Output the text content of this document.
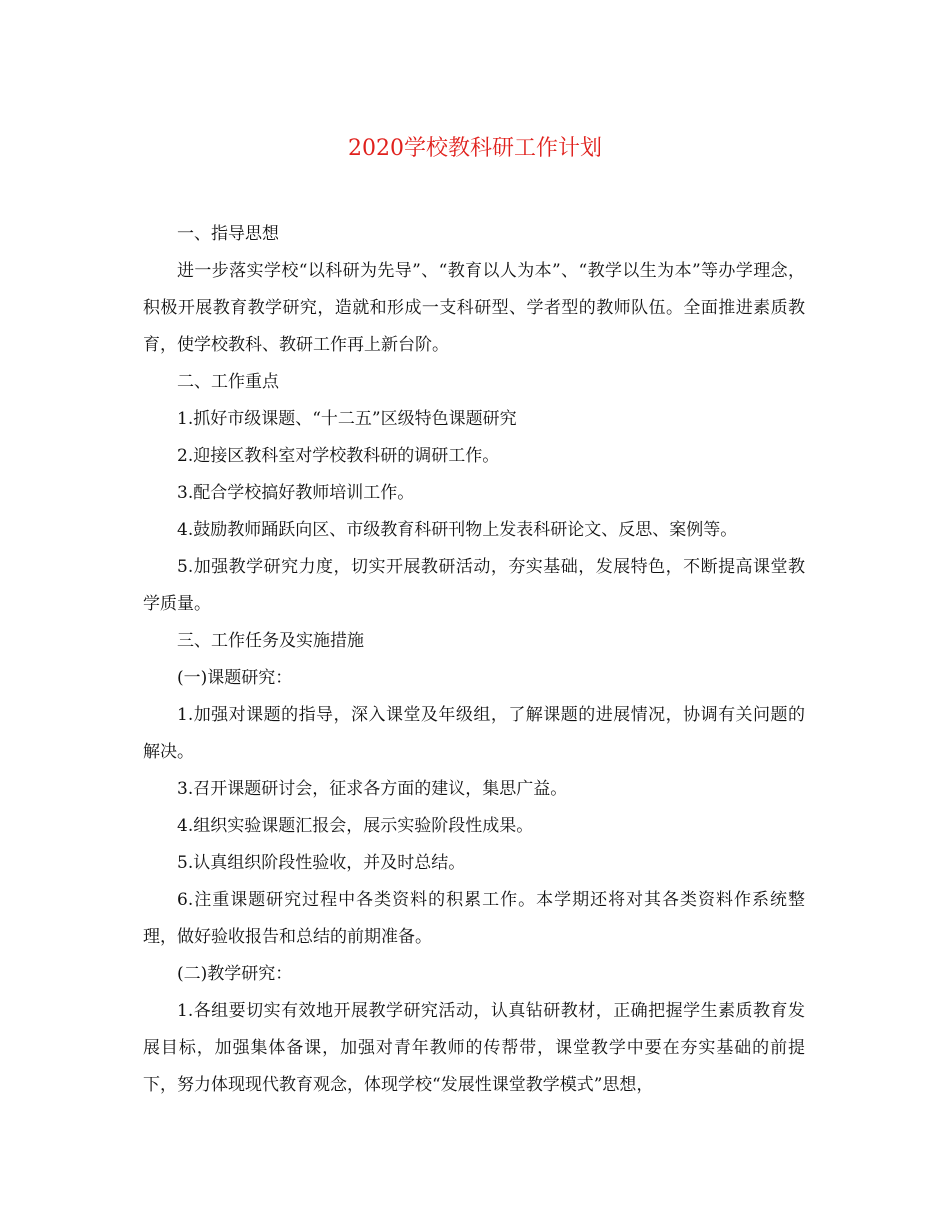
2020学校教科研工作计划

一、指导思想

进一步落实学校“以科研为先导”、“教育以人为本”、“教学以生为本”等办学理念，积极开展教育教学研究，造就和形成一支科研型、学者型的教师队伍。全面推进素质教育，使学校教科、教研工作再上新台阶。

二、工作重点

1.抓好市级课题、“十二五”区级特色课题研究

2.迎接区教科室对学校教科研的调研工作。

3.配合学校搞好教师培训工作。

4.鼓励教师踊跃向区、市级教育科研刊物上发表科研论文、反思、案例等。

5.加强教学研究力度，切实开展教研活动，夯实基础，发展特色，不断提高课堂教学质量。

三、工作任务及实施措施

(一)课题研究：

1.加强对课题的指导，深入课堂及年级组，了解课题的进展情况，协调有关问题的解决。

3.召开课题研讨会，征求各方面的建议，集思广益。

4.组织实验课题汇报会，展示实验阶段性成果。

5.认真组织阶段性验收，并及时总结。

6.注重课题研究过程中各类资料的积累工作。本学期还将对其各类资料作系统整理，做好验收报告和总结的前期准备。

(二)教学研究：

1.各组要切实有效地开展教学研究活动，认真钻研教材，正确把握学生素质教育发展目标，加强集体备课，加强对青年教师的传帮带，课堂教学中要在夯实基础的前提下，努力体现现代教育观念，体现学校“发展性课堂教学模式”思想，
